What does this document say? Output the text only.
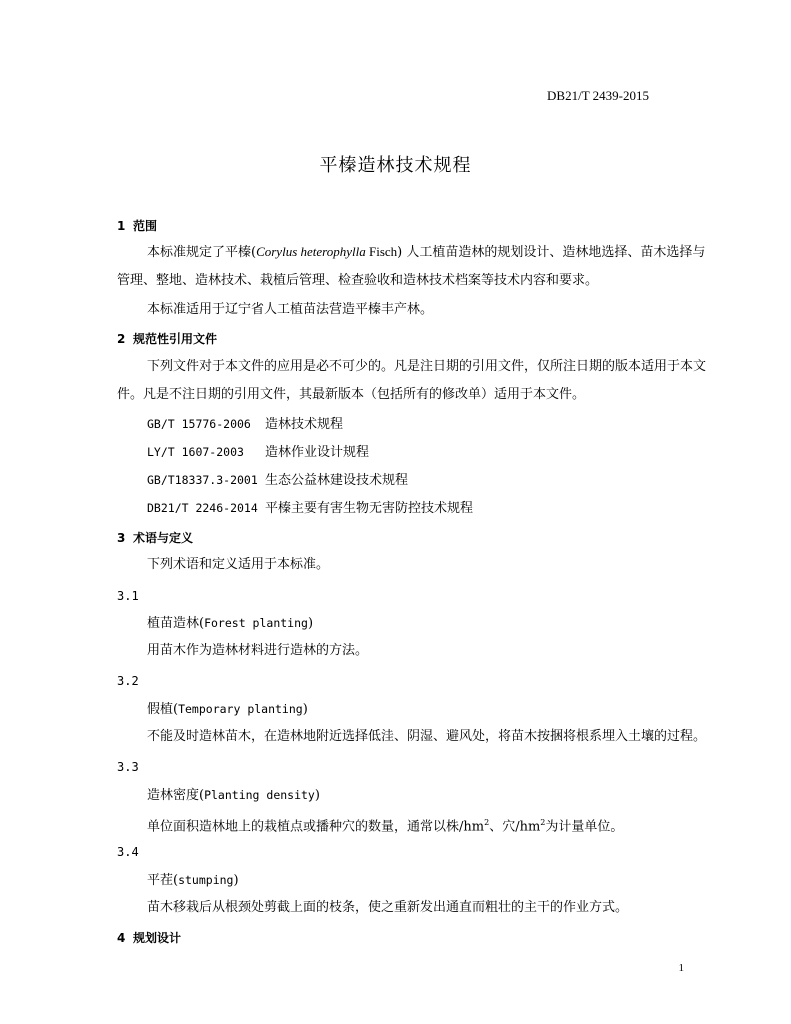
DB21/T 2439-2015
平榛造林技术规程
1 范围
本标准规定了平榛(Corylus heterophylla Fisch) 人工植苗造林的规划设计、造林地选择、苗木选择与
管理、整地、造林技术、栽植后管理、检查验收和造林技术档案等技术内容和要求。
本标准适用于辽宁省人工植苗法营造平榛丰产林。
2 规范性引用文件
下列文件对于本文件的应用是必不可少的。凡是注日期的引用文件，仅所注日期的版本适用于本文
件。凡是不注日期的引用文件，其最新版本（包括所有的修改单）适用于本文件。
GB/T 15776-2006 造林技术规程
LY/T 1607-2003 造林作业设计规程
GB/T18337.3-2001 生态公益林建设技术规程
DB21/T 2246-2014 平榛主要有害生物无害防控技术规程
3 术语与定义
下列术语和定义适用于本标准。
3.1
植苗造林(Forest planting)
用苗木作为造林材料进行造林的方法。
3.2
假植(Temporary planting)
不能及时造林苗木，在造林地附近选择低洼、阴湿、避风处，将苗木按捆将根系埋入土壤的过程。
3.3
造林密度(Planting density)
单位面积造林地上的栽植点或播种穴的数量，通常以株$/hm^2$、穴$/hm^2$为计量单位。
3.4
平茬(stumping)
苗木移栽后从根颈处剪截上面的枝条，使之重新发出通直而粗壮的主干的作业方式。
4 规划设计
1
